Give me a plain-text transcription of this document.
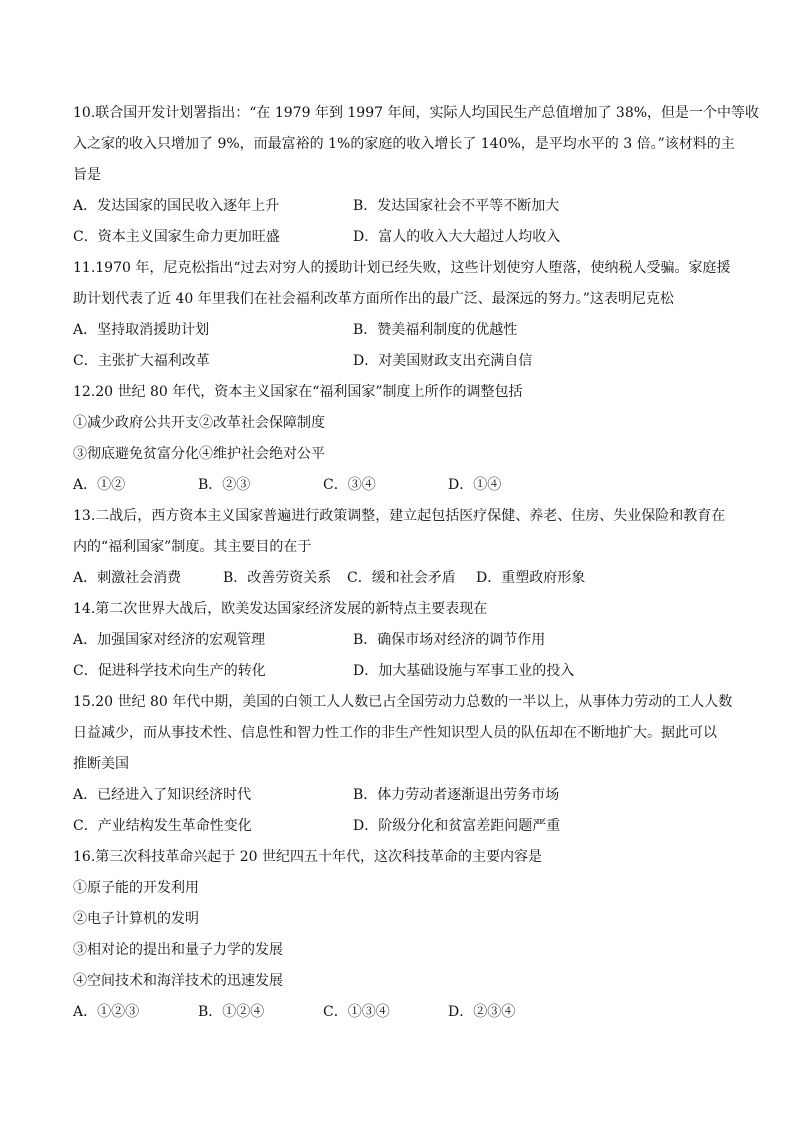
10.联合国开发计划署指出：“在 1979 年到 1997 年间，实际人均国民生产总值增加了 38%，但是一个中等收
入之家的收入只增加了 9%，而最富裕的 1%的家庭的收入增长了 140%，是平均水平的 3 倍。”该材料的主
旨是
A．发达国家的国民收入逐年上升	B．发达国家社会不平等不断加大
C．资本主义国家生命力更加旺盛	D．富人的收入大大超过人均收入
11.1970 年，尼克松指出“过去对穷人的援助计划已经失败，这些计划使穷人堕落，使纳税人受骗。家庭援
助计划代表了近 40 年里我们在社会福利改革方面所作出的最广泛、最深远的努力。”这表明尼克松
A．坚持取消援助计划	B．赞美福利制度的优越性
C．主张扩大福利改革	D．对美国财政支出充满自信
12.20 世纪 80 年代，资本主义国家在“福利国家”制度上所作的调整包括
①减少政府公共开支②改革社会保障制度
③彻底避免贫富分化④维护社会绝对公平
A．①②	B．②③	C．③④	D．①④
13.二战后，西方资本主义国家普遍进行政策调整，建立起包括医疗保健、养老、住房、失业保险和教育在
内的“福利国家”制度。其主要目的在于
A．刺激社会消费	B．改善劳资关系	C．缓和社会矛盾	D．重塑政府形象
14.第二次世界大战后，欧美发达国家经济发展的新特点主要表现在
A．加强国家对经济的宏观管理	B．确保市场对经济的调节作用
C．促进科学技术向生产的转化	D．加大基础设施与军事工业的投入
15.20 世纪 80 年代中期，美国的白领工人人数已占全国劳动力总数的一半以上，从事体力劳动的工人人数
日益减少，而从事技术性、信息性和智力性工作的非生产性知识型人员的队伍却在不断地扩大。据此可以
推断美国
A．已经进入了知识经济时代	B．体力劳动者逐渐退出劳务市场
C．产业结构发生革命性变化	D．阶级分化和贫富差距问题严重
16.第三次科技革命兴起于 20 世纪四五十年代，这次科技革命的主要内容是
①原子能的开发利用
②电子计算机的发明
③相对论的提出和量子力学的发展
④空间技术和海洋技术的迅速发展
A．①②③	B．①②④	C．①③④	D．②③④
